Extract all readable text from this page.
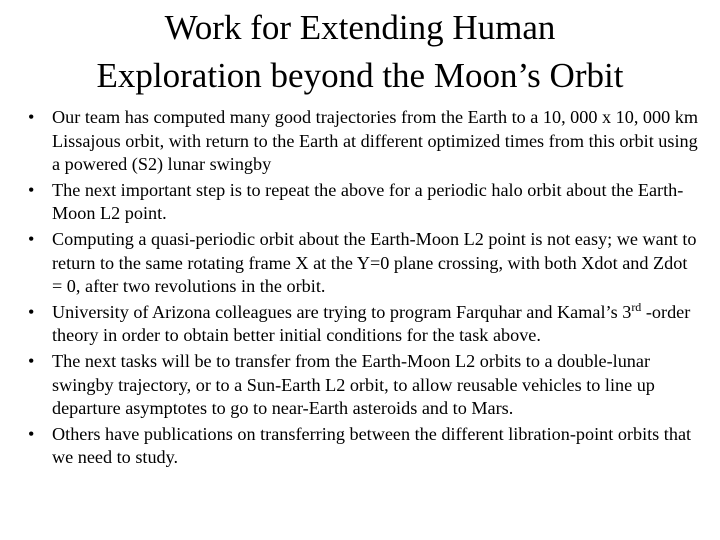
Work for Extending Human
Exploration beyond the Moon’s Orbit
• Our team has computed many good trajectories from the Earth to a 10, 000 x 10, 000 km Lissajous orbit, with return to the Earth at different optimized times from this orbit using a powered (S2) lunar swingby
• The next important step is to repeat the above for a periodic halo orbit about the Earth-Moon L2 point.
• Computing a quasi-periodic orbit about the Earth-Moon L2 point is not easy; we want to return to the same rotating frame X at the Y=0 plane crossing, with both Xdot and Zdot = 0, after two revolutions in the orbit.
• University of Arizona colleagues are trying to program Farquhar and Kamal’s 3rd -order theory in order to obtain better initial conditions for the task above.
• The next tasks will be to transfer from the Earth-Moon L2 orbits to a double-lunar swingby trajectory, or to a Sun-Earth L2 orbit, to allow reusable vehicles to line up departure asymptotes to go to near-Earth asteroids and to Mars.
• Others have publications on transferring between the different libration-point orbits that we need to study.
